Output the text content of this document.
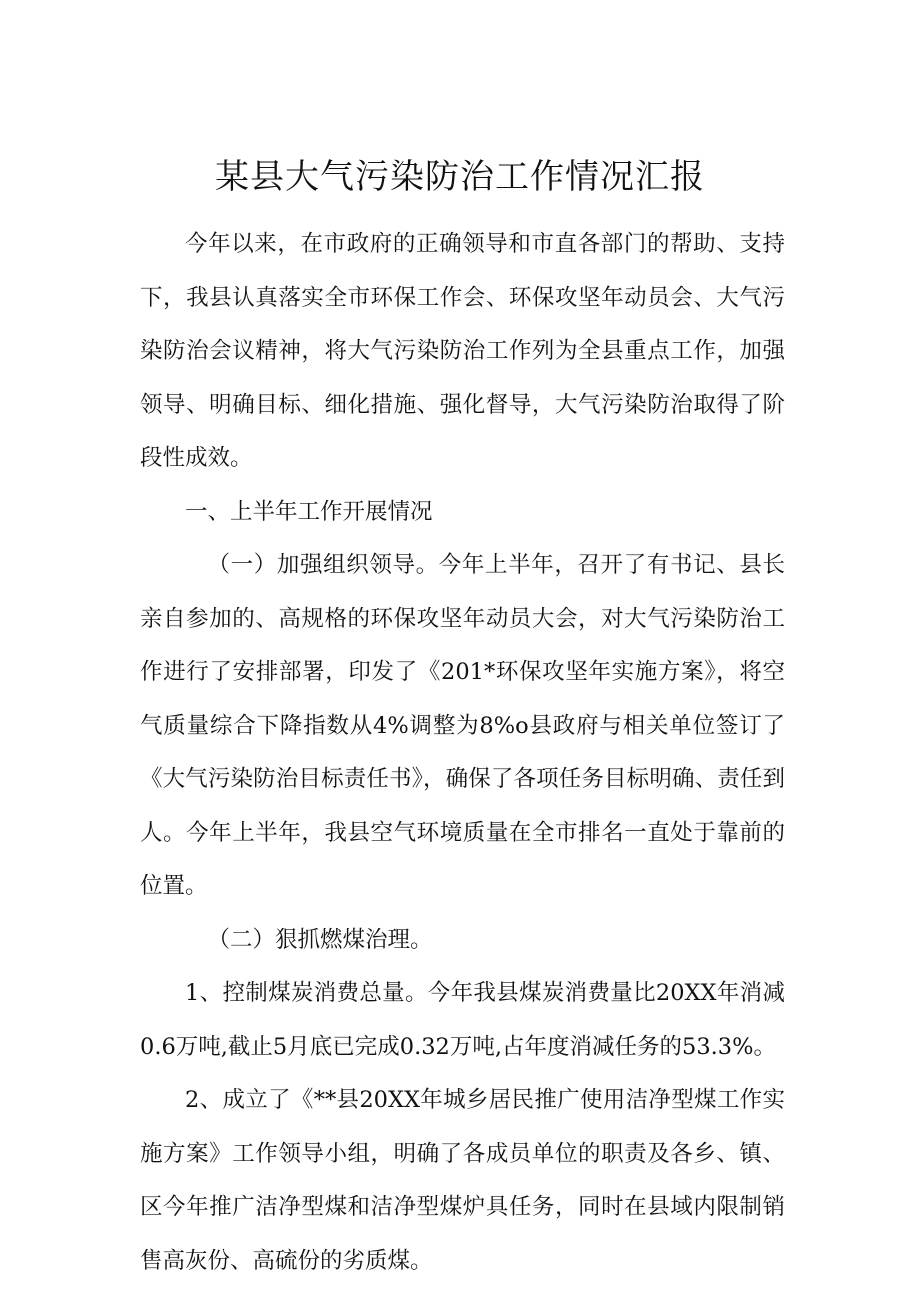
某县大气污染防治工作情况汇报

今年以来，在市政府的正确领导和市直各部门的帮助、支持下，我县认真落实全市环保工作会、环保攻坚年动员会、大气污染防治会议精神，将大气污染防治工作列为全县重点工作，加强领导、明确目标、细化措施、强化督导，大气污染防治取得了阶段性成效。

一、上半年工作开展情况

（一）加强组织领导。今年上半年，召开了有书记、县长亲自参加的、高规格的环保攻坚年动员大会，对大气污染防治工作进行了安排部署，印发了《201*环保攻坚年实施方案》，将空气质量综合下降指数从4%调整为8%o县政府与相关单位签订了《大气污染防治目标责任书》，确保了各项任务目标明确、责任到人。今年上半年，我县空气环境质量在全市排名一直处于靠前的位置。

（二）狠抓燃煤治理。

1、控制煤炭消费总量。今年我县煤炭消费量比20XX年消减0.6万吨,截止5月底已完成0.32万吨,占年度消减任务的53.3%。

2、成立了《**县20XX年城乡居民推广使用洁净型煤工作实施方案》工作领导小组，明确了各成员单位的职责及各乡、镇、区今年推广洁净型煤和洁净型煤炉具任务，同时在县域内限制销售高灰份、高硫份的劣质煤。
